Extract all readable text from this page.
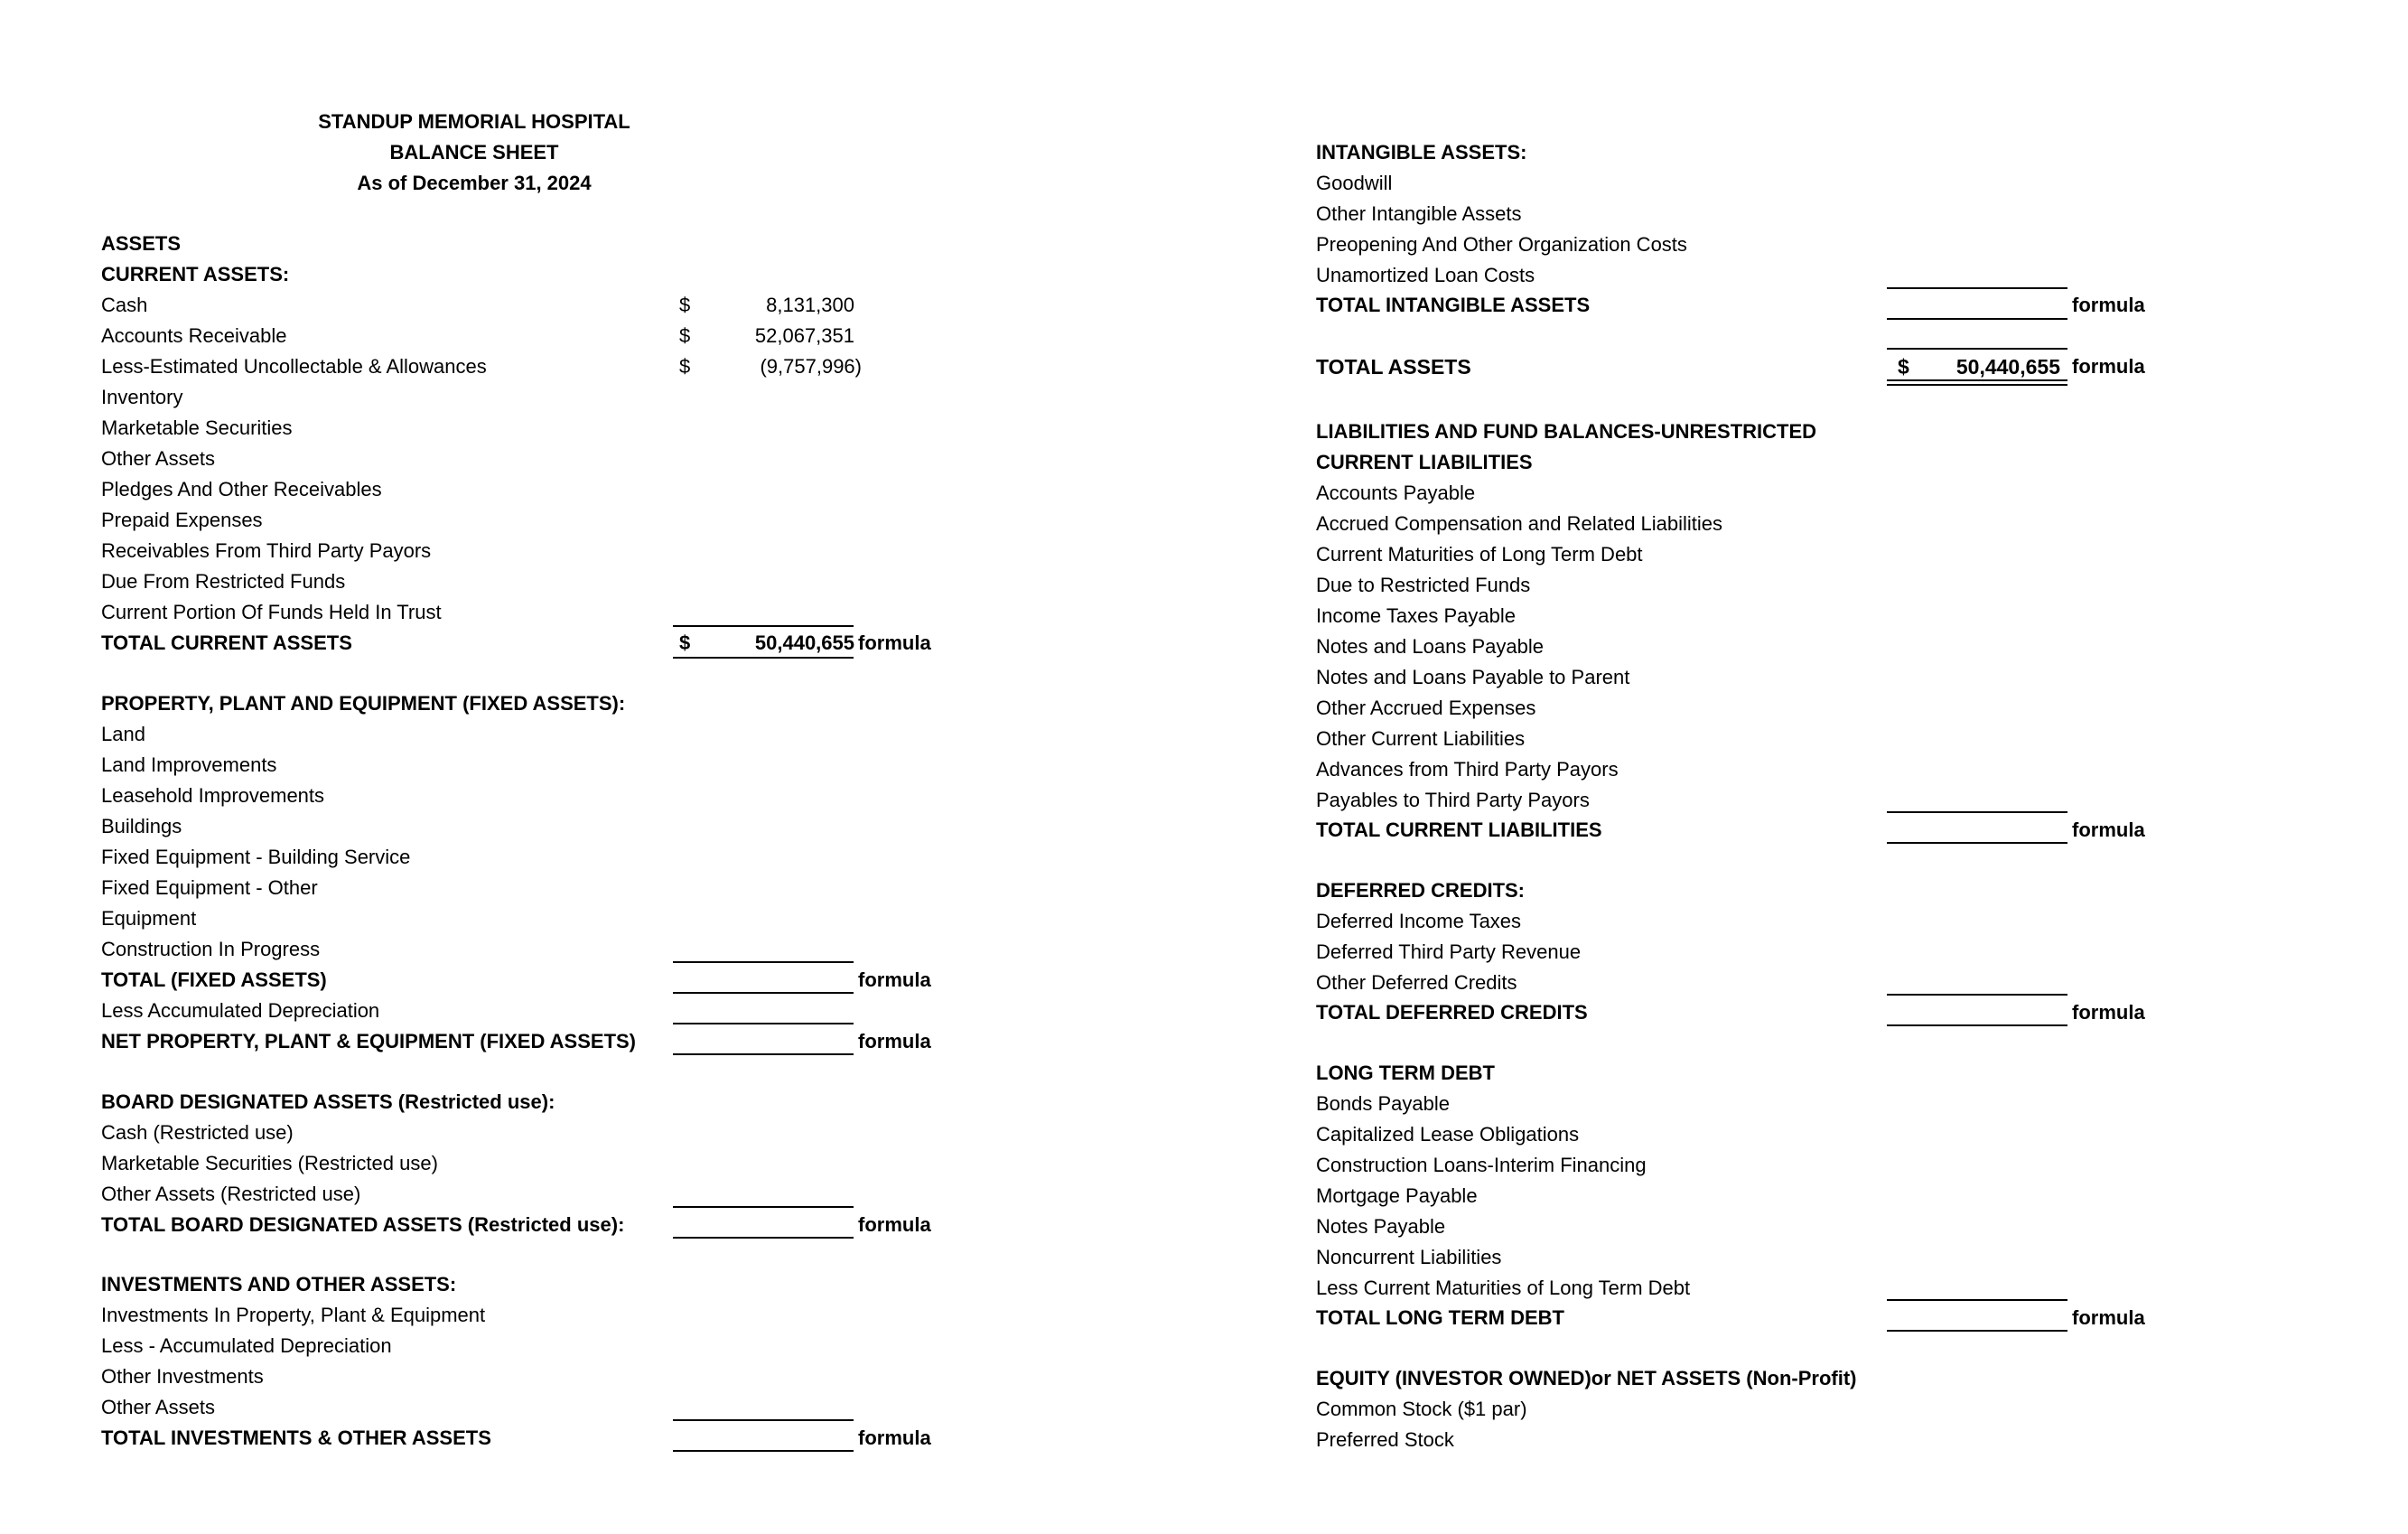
STANDUP MEMORIAL HOSPITAL
BALANCE SHEET
As of December 31, 2024
ASSETS
CURRENT ASSETS:
Cash	$	8,131,300
Accounts Receivable	$	52,067,351
Less-Estimated Uncollectable & Allowances	$	(9,757,996)
Inventory
Marketable Securities
Other Assets
Pledges And Other Receivables
Prepaid Expenses
Receivables From Third Party Payors
Due From Restricted Funds
Current Portion Of Funds Held In Trust
TOTAL CURRENT ASSETS	$	50,440,655 formula
PROPERTY, PLANT AND EQUIPMENT (FIXED ASSETS):
Land
Land Improvements
Leasehold Improvements
Buildings
Fixed Equipment - Building Service
Fixed Equipment - Other
Equipment
Construction In Progress
TOTAL (FIXED ASSETS)	formula
Less Accumulated Depreciation
NET PROPERTY, PLANT & EQUIPMENT (FIXED ASSETS)	formula
BOARD DESIGNATED ASSETS (Restricted use):
Cash (Restricted use)
Marketable Securities (Restricted use)
Other Assets (Restricted use)
TOTAL BOARD DESIGNATED ASSETS (Restricted use):	formula
INVESTMENTS AND OTHER ASSETS:
Investments In Property, Plant & Equipment
Less - Accumulated Depreciation
Other Investments
Other Assets
TOTAL INVESTMENTS & OTHER ASSETS	formula
INTANGIBLE ASSETS:
Goodwill
Other Intangible Assets
Preopening And Other Organization Costs
Unamortized Loan Costs
TOTAL INTANGIBLE ASSETS	formula
TOTAL ASSETS	$	50,440,655 formula
LIABILITIES AND FUND BALANCES-UNRESTRICTED
CURRENT LIABILITIES
Accounts Payable
Accrued Compensation and Related Liabilities
Current Maturities of Long Term Debt
Due to Restricted Funds
Income Taxes Payable
Notes and Loans Payable
Notes and Loans Payable to Parent
Other Accrued Expenses
Other Current Liabilities
Advances from Third Party Payors
Payables to Third Party Payors
TOTAL CURRENT LIABILITIES	formula
DEFERRED CREDITS:
Deferred Income Taxes
Deferred Third Party Revenue
Other Deferred Credits
TOTAL DEFERRED CREDITS	formula
LONG TERM DEBT
Bonds Payable
Capitalized Lease Obligations
Construction Loans-Interim Financing
Mortgage Payable
Notes Payable
Noncurrent Liabilities
Less Current Maturities of Long Term Debt
TOTAL LONG TERM DEBT	formula
EQUITY (INVESTOR OWNED)or NET ASSETS (Non-Profit)
Common Stock ($1 par)
Preferred Stock
